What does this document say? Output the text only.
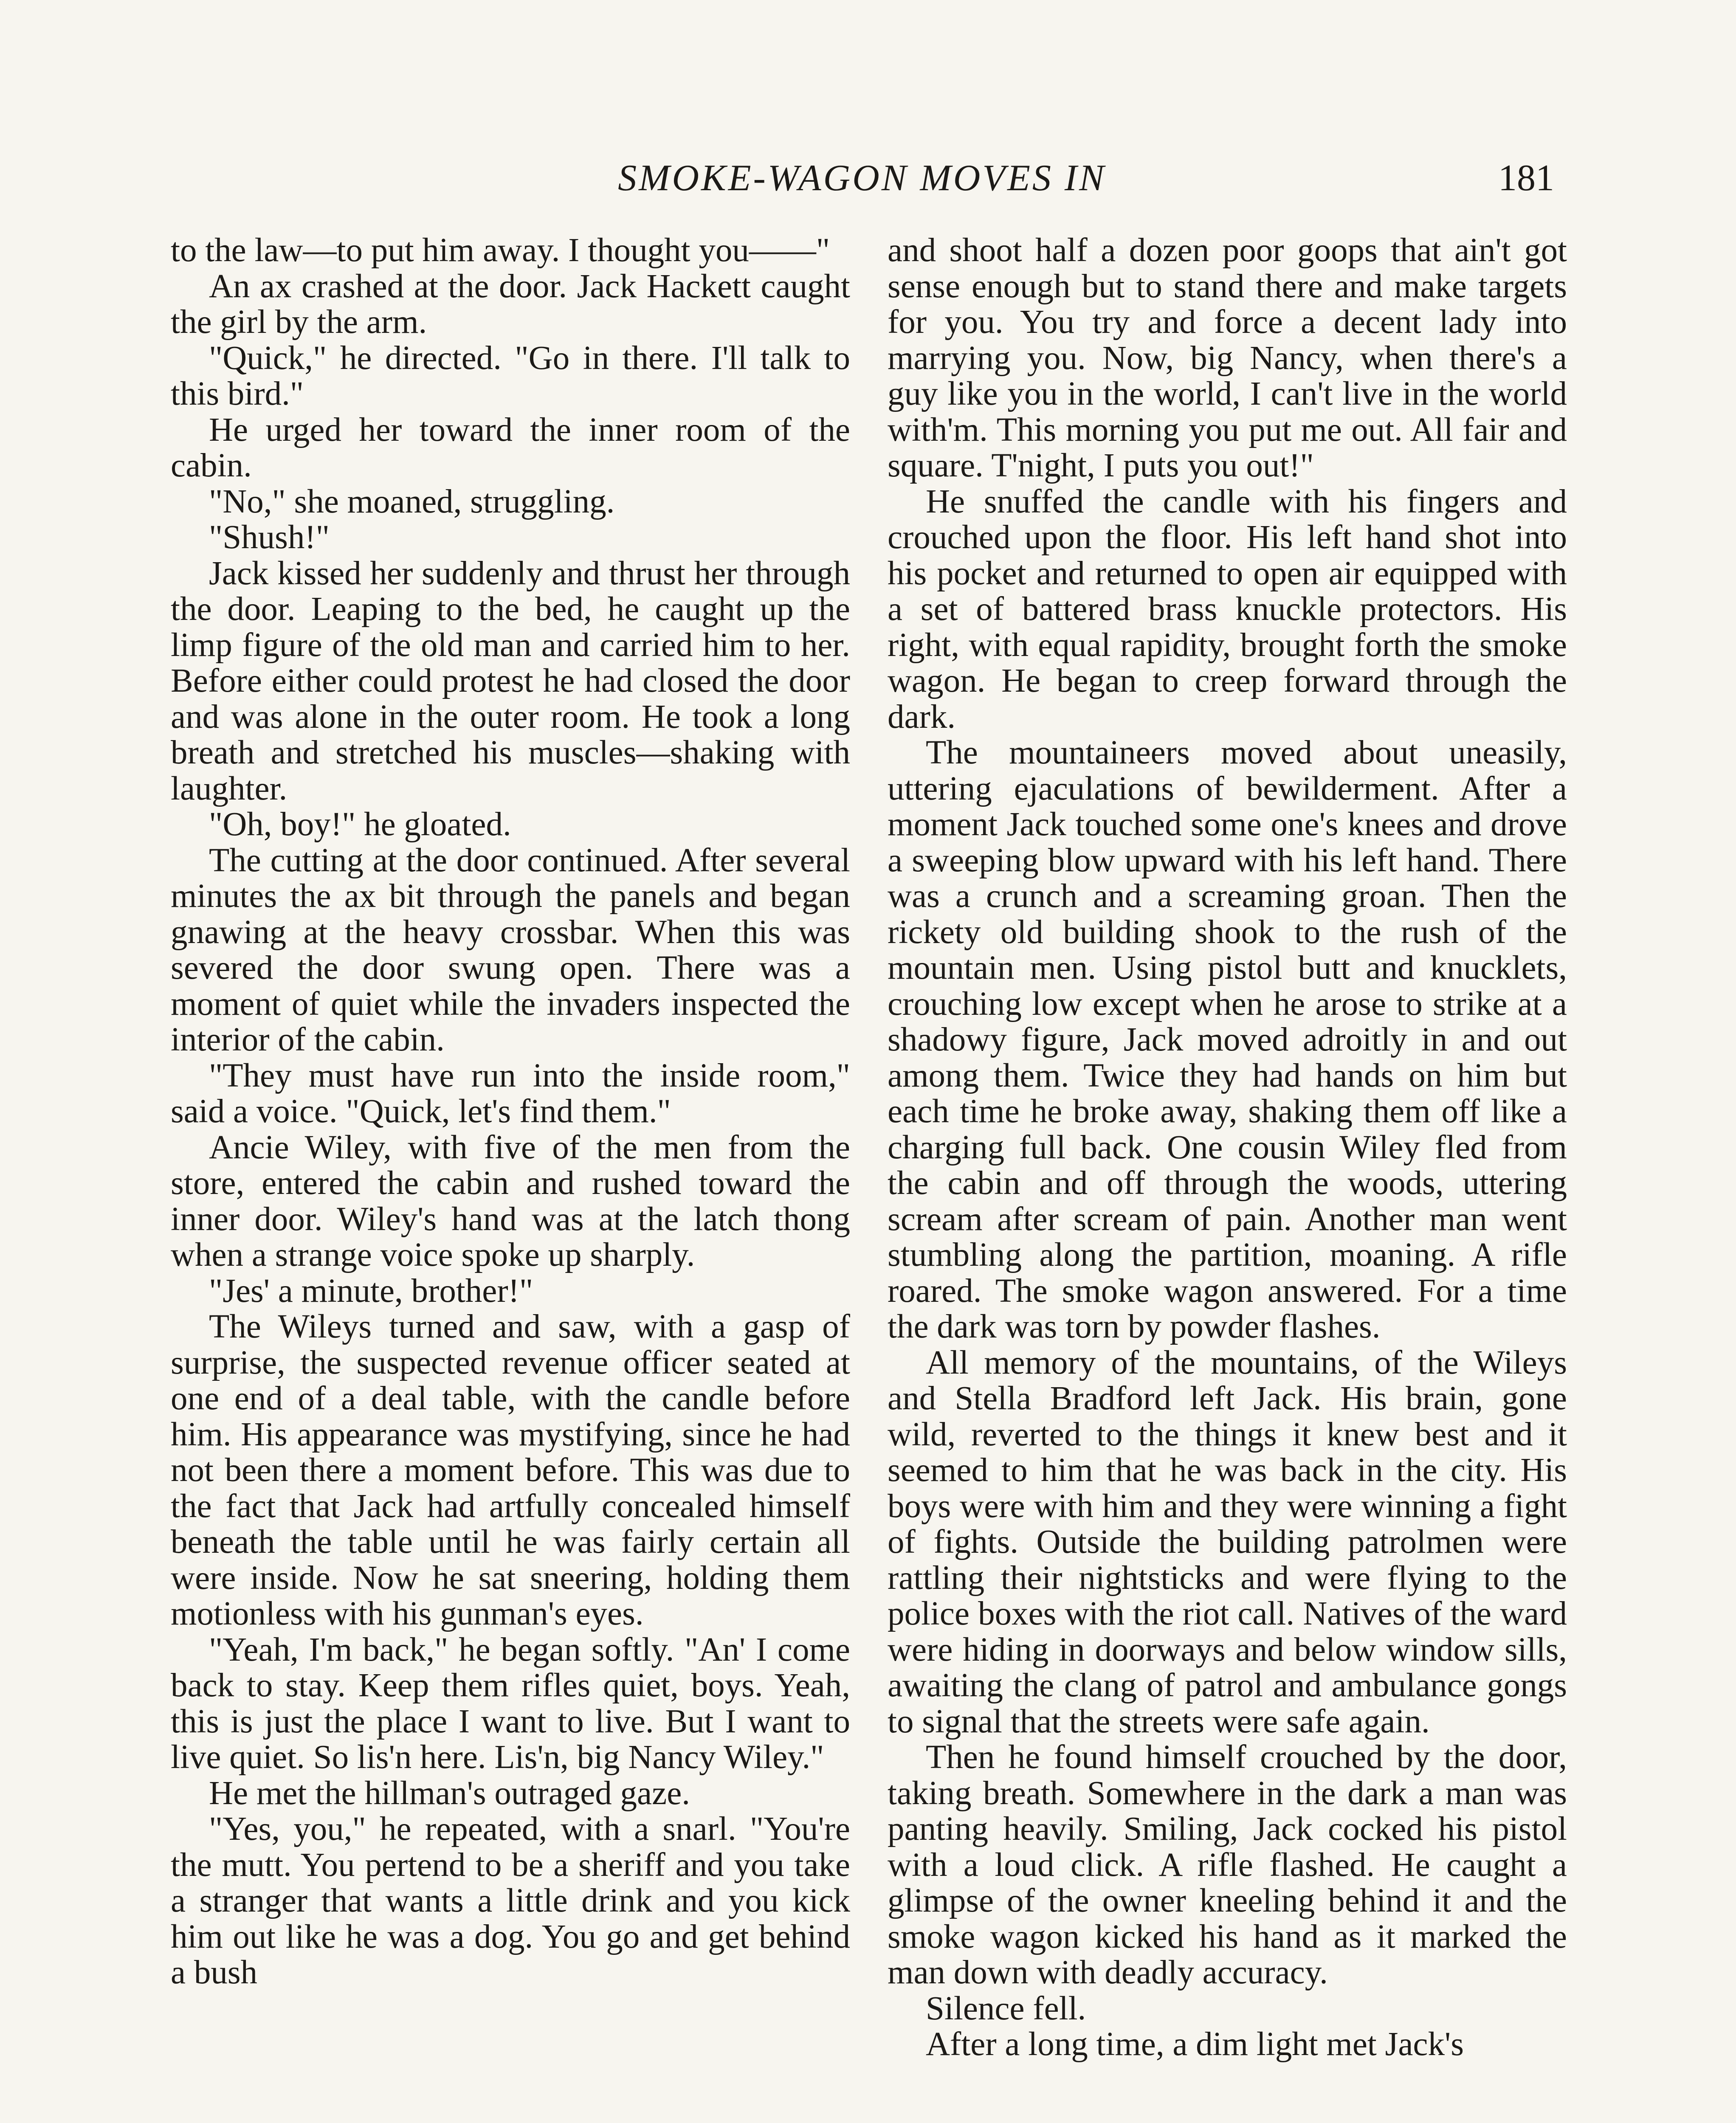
SMOKE-WAGON MOVES IN	181

to the law—to put him away. I thought you——"

An ax crashed at the door. Jack Hackett caught the girl by the arm.

"Quick," he directed. "Go in there. I'll talk to this bird."

He urged her toward the inner room of the cabin.

"No," she moaned, struggling.

"Shush!"

Jack kissed her suddenly and thrust her through the door. Leaping to the bed, he caught up the limp figure of the old man and carried him to her. Before either could protest he had closed the door and was alone in the outer room. He took a long breath and stretched his muscles—shaking with laughter.

"Oh, boy!" he gloated.

The cutting at the door continued. After several minutes the ax bit through the panels and began gnawing at the heavy crossbar. When this was severed the door swung open. There was a moment of quiet while the invaders inspected the interior of the cabin.

"They must have run into the inside room," said a voice. "Quick, let's find them."

Ancie Wiley, with five of the men from the store, entered the cabin and rushed toward the inner door. Wiley's hand was at the latch thong when a strange voice spoke up sharply.

"Jes' a minute, brother!"

The Wileys turned and saw, with a gasp of surprise, the suspected revenue officer seated at one end of a deal table, with the candle before him. His appearance was mystifying, since he had not been there a moment before. This was due to the fact that Jack had artfully concealed himself beneath the table until he was fairly certain all were inside. Now he sat sneering, holding them motionless with his gunman's eyes.

"Yeah, I'm back," he began softly. "An' I come back to stay. Keep them rifles quiet, boys. Yeah, this is just the place I want to live. But I want to live quiet. So lis'n here. Lis'n, big Nancy Wiley."

He met the hillman's outraged gaze.

"Yes, you," he repeated, with a snarl. "You're the mutt. You pertend to be a sheriff and you take a stranger that wants a little drink and you kick him out like he was a dog. You go and get behind a bush

and shoot half a dozen poor goops that ain't got sense enough but to stand there and make targets for you. You try and force a decent lady into marrying you. Now, big Nancy, when there's a guy like you in the world, I can't live in the world with'm. This morning you put me out. All fair and square. T'night, I puts you out!"

He snuffed the candle with his fingers and crouched upon the floor. His left hand shot into his pocket and returned to open air equipped with a set of battered brass knuckle protectors. His right, with equal rapidity, brought forth the smoke wagon. He began to creep forward through the dark.

The mountaineers moved about uneasily, uttering ejaculations of bewilderment. After a moment Jack touched some one's knees and drove a sweeping blow upward with his left hand. There was a crunch and a screaming groan. Then the rickety old building shook to the rush of the mountain men. Using pistol butt and knucklets, crouching low except when he arose to strike at a shadowy figure, Jack moved adroitly in and out among them. Twice they had hands on him but each time he broke away, shaking them off like a charging full back. One cousin Wiley fled from the cabin and off through the woods, uttering scream after scream of pain. Another man went stumbling along the partition, moaning. A rifle roared. The smoke wagon answered. For a time the dark was torn by powder flashes.

All memory of the mountains, of the Wileys and Stella Bradford left Jack. His brain, gone wild, reverted to the things it knew best and it seemed to him that he was back in the city. His boys were with him and they were winning a fight of fights. Outside the building patrolmen were rattling their nightsticks and were flying to the police boxes with the riot call. Natives of the ward were hiding in doorways and below window sills, awaiting the clang of patrol and ambulance gongs to signal that the streets were safe again.

Then he found himself crouched by the door, taking breath. Somewhere in the dark a man was panting heavily. Smiling, Jack cocked his pistol with a loud click. A rifle flashed. He caught a glimpse of the owner kneeling behind it and the smoke wagon kicked his hand as it marked the man down with deadly accuracy.

Silence fell.

After a long time, a dim light met Jack's
